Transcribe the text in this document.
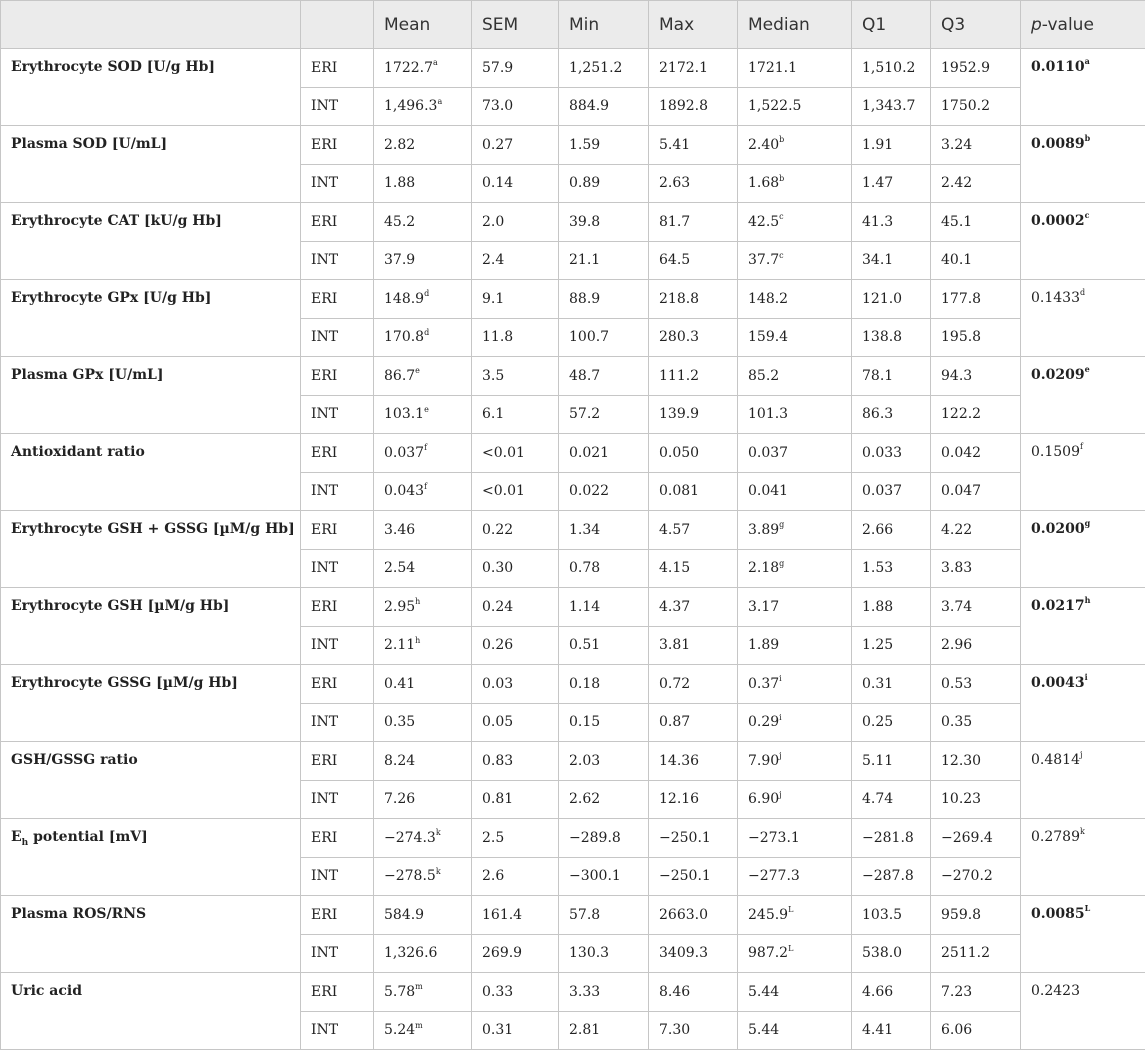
		Mean	SEM	Min	Max	Median	Q1	Q3	p-value
Erythrocyte SOD [U/g Hb]	ERI	1722.7$^a$	57.9	1,251.2	2172.1	1721.1	1,510.2	1952.9	0.0110$^a$
	INT	1,496.3$^a$	73.0	884.9	1892.8	1,522.5	1,343.7	1750.2	
Plasma SOD [U/mL]	ERI	2.82	0.27	1.59	5.41	2.40$^b$	1.91	3.24	0.0089$^b$
	INT	1.88	0.14	0.89	2.63	1.68$^b$	1.47	2.42	
Erythrocyte CAT [kU/g Hb]	ERI	45.2	2.0	39.8	81.7	42.5$^c$	41.3	45.1	0.0002$^c$
	INT	37.9	2.4	21.1	64.5	37.7$^c$	34.1	40.1	
Erythrocyte GPx [U/g Hb]	ERI	148.9$^d$	9.1	88.9	218.8	148.2	121.0	177.8	0.1433$^d$
	INT	170.8$^d$	11.8	100.7	280.3	159.4	138.8	195.8	
Plasma GPx [U/mL]	ERI	86.7e	3.5	48.7	111.2	85.2	78.1	94.3	0.0209e
	INT	103.1e	6.1	57.2	139.9	101.3	86.3	122.2	
Antioxidant ratio	ERI	0.037$^f$	<0.01	0.021	0.050	0.037	0.033	0.042	0.1509$^f$
	INT	0.043$^f$	<0.01	0.022	0.081	0.041	0.037	0.047	
Erythrocyte GSH + GSSG [µM/g Hb]	ERI	3.46	0.22	1.34	4.57	3.89$^g$	2.66	4.22	0.0200$^g$
	INT	2.54	0.30	0.78	4.15	2.18$^g$	1.53	3.83	
Erythrocyte GSH [µM/g Hb]	ERI	2.95$^h$	0.24	1.14	4.37	3.17	1.88	3.74	0.0217$^h$
	INT	2.11$^h$	0.26	0.51	3.81	1.89	1.25	2.96	
Erythrocyte GSSG [µM/g Hb]	ERI	0.41	0.03	0.18	0.72	0.37$^i$	0.31	0.53	0.0043$^i$
	INT	0.35	0.05	0.15	0.87	0.29$^i$	0.25	0.35	
GSH/GSSG ratio	ERI	8.24	0.83	2.03	14.36	7.90$^j$	5.11	12.30	0.4814$^j$
	INT	7.26	0.81	2.62	12.16	6.90$^j$	4.74	10.23	
$E_h$ potential [mV]	ERI	$-274.3^k$	2.5	−289.8	−250.1	−273.1	−281.8	−269.4	0.2789$^k$
	INT	$-278.5^k$	2.6	−300.1	−250.1	−277.3	−287.8	−270.2	
Plasma ROS/RNS	ERI	584.9	161.4	57.8	2663.0	$245.9^L$	103.5	959.8	$0.0085^L$
	INT	1,326.6	269.9	130.3	3409.3	$987.2^L$	538.0	2511.2	
Uric acid	ERI	5.78$^m$	0.33	3.33	8.46	5.44	4.66	7.23	0.2423
	INT	5.24$^m$	0.31	2.81	7.30	5.44	4.41	6.06	
